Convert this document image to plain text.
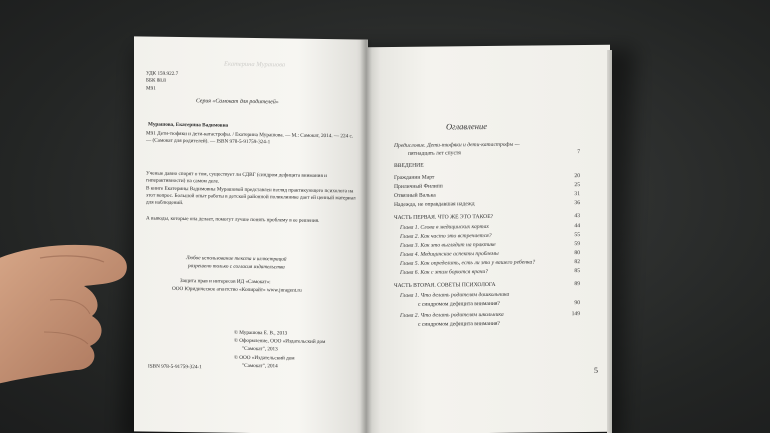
Екатерина Мурашова
УДК 159.922.7
ББК 88.8
М91
Серия «Самокат для родителей»
Мурашова, Екатерина Вадимовна
М91 Дети-тюфяки и дети-катастрофы. / Екатерина Мурашова. — М.: Самокат, 2014. — 224 с. — (Самокат для родителей). — ISBN 978-5-91759-324-1
Ученые давно спорят о том, существует ли СДВГ (синдром дефицита внимания и гиперактивности) на самом деле.
В книге Екатерины Вадимовны Мурашовой представлен взгляд практикующего психолога на этот вопрос. Большой опыт работы в детской районной поликлинике дает ей ценный материал для наблюдений.
А выводы, которые она делает, помогут лучше понять проблему в ее решения.
Любое использование текста и иллюстраций
разрешено только с согласия издательства
Защита прав и интересов ИД «Самокат»:
ООО Юридическое агентство «Копирайт» www.juragent.ru
© Мурашова Е. В., 2013
© Оформление, ООО «Издательский дом
"Самокат", 2013
© ООО «Издательский дом
"Самокат", 2014
ISBN 978-5-91759-324-1
Оглавление
Предисловие. Дети-тюфяки и дети-катастрофы —
пятнадцать лет спустя	7
ВВЕДЕНИЕ
Гражданин Март	20
Приличный Филипп	25
Отвязный Валька	31
Надежда, не оправдавшая надежд	36
ЧАСТЬ ПЕРВАЯ. ЧТО ЖЕ ЭТО ТАКОЕ?	43
Глава 1. Слова в медицинских картах	44
Глава 2. Как часто это встречается?	55
Глава 3. Как это выглядит на практике	59
Глава 4. Медицинские аспекты проблемы	80
Глава 5. Как определить, есть ли это у вашего ребенка?	82
Глава 6. Как с этим борются врачи?	85
ЧАСТЬ ВТОРАЯ. СОВЕТЫ ПСИХОЛОГА	89
Глава 1. Что делать родителям дошкольника
с синдромом дефицита внимания?	90
Глава 2. Что делать родителям школьника	149
с синдромом дефицита внимания?
5
